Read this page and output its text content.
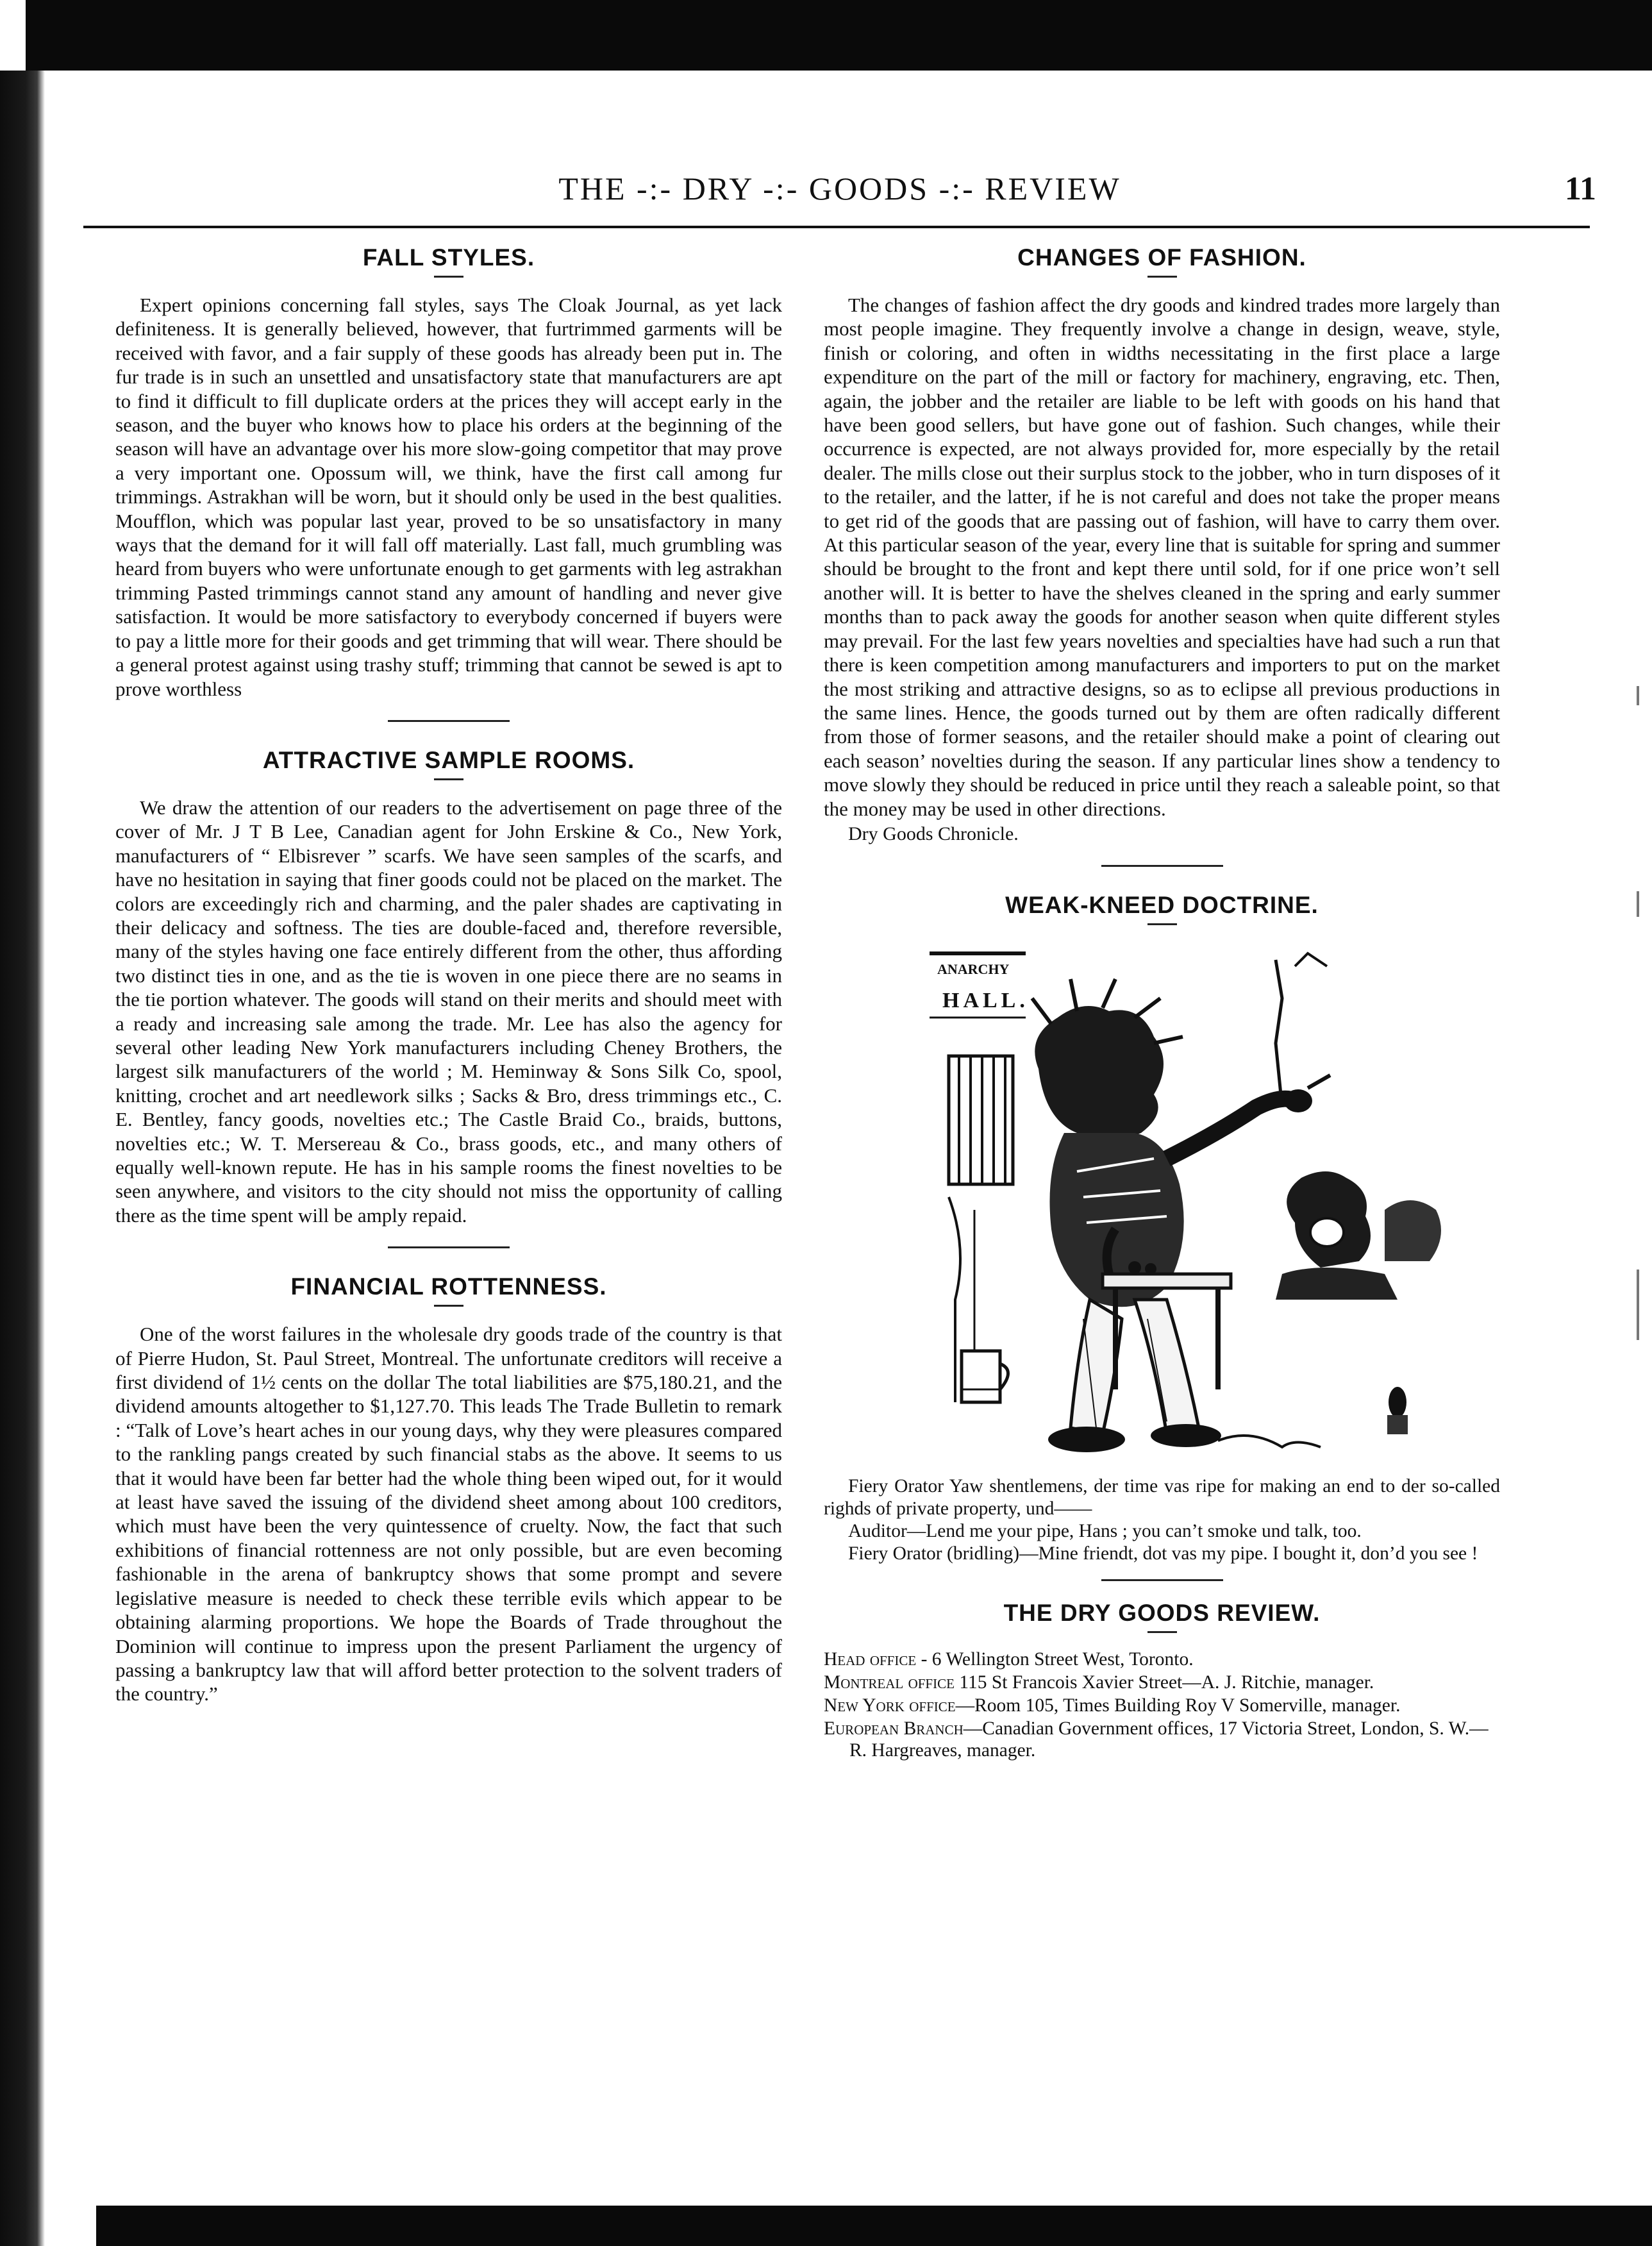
THE -:- DRY -:- GOODS -:- REVIEW	11
FALL STYLES.

Expert opinions concerning fall styles, says The Cloak Journal, as yet lack definiteness. It is generally believed, however, that furtrimmed garments will be received with favor, and a fair supply of these goods has already been put in. The fur trade is in such an unsettled and unsatisfactory state that manufacturers are apt to find it difficult to fill duplicate orders at the prices they will accept early in the season, and the buyer who knows how to place his orders at the beginning of the season will have an advantage over his more slow-going competitor that may prove a very important one. Opossum will, we think, have the first call among fur trimmings. Astrakhan will be worn, but it should only be used in the best qualities. Moufflon, which was popular last year, proved to be so unsatisfactory in many ways that the demand for it will fall off materially. Last fall, much grumbling was heard from buyers who were unfortunate enough to get garments with leg astrakhan trimming Pasted trimmings cannot stand any amount of handling and never give satisfaction. It would be more satisfactory to everybody concerned if buyers were to pay a little more for their goods and get trimming that will wear. There should be a general protest against using trashy stuff; trimming that cannot be sewed is apt to prove worthless

ATTRACTIVE SAMPLE ROOMS.

We draw the attention of our readers to the advertisement on page three of the cover of Mr. J T B Lee, Canadian agent for John Erskine & Co., New York, manufacturers of “ Elbisrever ” scarfs. We have seen samples of the scarfs, and have no hesitation in saying that finer goods could not be placed on the market. The colors are exceedingly rich and charming, and the paler shades are captivating in their delicacy and softness. The ties are double-faced and, therefore reversible, many of the styles having one face entirely different from the other, thus affording two distinct ties in one, and as the tie is woven in one piece there are no seams in the tie portion whatever. The goods will stand on their merits and should meet with a ready and increasing sale among the trade. Mr. Lee has also the agency for several other leading New York manufacturers including Cheney Brothers, the largest silk manufacturers of the world ; M. Heminway & Sons Silk Co, spool, knitting, crochet and art needlework silks ; Sacks & Bro, dress trimmings etc., C. E. Bentley, fancy goods, novelties etc.; The Castle Braid Co., braids, buttons, novelties etc.; W. T. Mersereau & Co., brass goods, etc., and many others of equally well-known repute. He has in his sample rooms the finest novelties to be seen anywhere, and visitors to the city should not miss the opportunity of calling there as the time spent will be amply repaid.

FINANCIAL ROTTENNESS.

One of the worst failures in the wholesale dry goods trade of the country is that of Pierre Hudon, St. Paul Street, Montreal. The unfortunate creditors will receive a first dividend of 1½ cents on the dollar The total liabilities are $75,180.21, and the dividend amounts altogether to $1,127.70. This leads The Trade Bulletin to remark : “Talk of Love’s heart aches in our young days, why they were pleasures compared to the rankling pangs created by such financial stabs as the above. It seems to us that it would have been far better had the whole thing been wiped out, for it would at least have saved the issuing of the dividend sheet among about 100 creditors, which must have been the very quintessence of cruelty. Now, the fact that such exhibitions of financial rottenness are not only possible, but are even becoming fashionable in the arena of bankruptcy shows that some prompt and severe legislative measure is needed to check these terrible evils which appear to be obtaining alarming proportions. We hope the Boards of Trade throughout the Dominion will continue to impress upon the present Parliament the urgency of passing a bankruptcy law that will afford better protection to the solvent traders of the country.”

CHANGES OF FASHION.

The changes of fashion affect the dry goods and kindred trades more largely than most people imagine. They frequently involve a change in design, weave, style, finish or coloring, and often in widths necessitating in the first place a large expenditure on the part of the mill or factory for machinery, engraving, etc. Then, again, the jobber and the retailer are liable to be left with goods on his hand that have been good sellers, but have gone out of fashion. Such changes, while their occurrence is expected, are not always provided for, more especially by the retail dealer. The mills close out their surplus stock to the jobber, who in turn disposes of it to the retailer, and the latter, if he is not careful and does not take the proper means to get rid of the goods that are passing out of fashion, will have to carry them over. At this particular season of the year, every line that is suitable for spring and summer should be brought to the front and kept there until sold, for if one price won’t sell another will. It is better to have the shelves cleaned in the spring and early summer months than to pack away the goods for another season when quite different styles may prevail. For the last few years novelties and specialties have had such a run that there is keen competition among manufacturers and importers to put on the market the most striking and attractive designs, so as to eclipse all previous productions in the same lines. Hence, the goods turned out by them are often radically different from those of former seasons, and the retailer should make a point of clearing out each season’ novelties during the season. If any particular lines show a tendency to move slowly they should be reduced in price until they reach a saleable point, so that the money may be used in other directions.

Dry Goods Chronicle.

WEAK-KNEED DOCTRINE.
ANARCHY
HALL.

Fiery Orator Yaw shentlemens, der time vas ripe for making an end to der so-called righds of private property, und——

Auditor—Lend me your pipe, Hans ; you can’t smoke und talk, too.

Fiery Orator (bridling)—Mine friendt, dot vas my pipe. I bought it, don’d you see !

THE DRY GOODS REVIEW.

Head office - 6 Wellington Street West, Toronto.

Montreal office 115 St Francois Xavier Street—A. J. Ritchie, manager.

New York office—Room 105, Times Building Roy V Somerville, manager.

European Branch—Canadian Government offices, 17 Victoria Street, London, S. W.— R. Hargreaves, manager.
